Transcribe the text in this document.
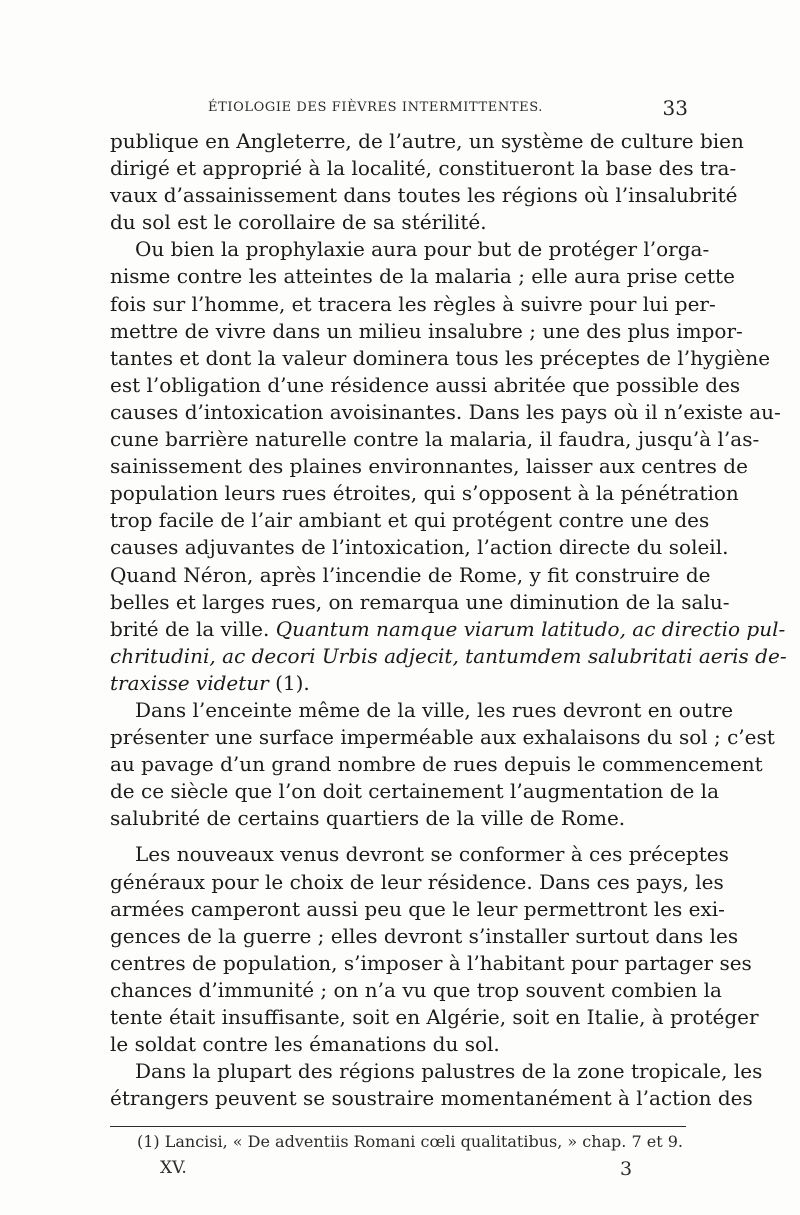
ÉTIOLOGIE DES FIÈVRES INTERMITTENTES.	33
publique en Angleterre, de l’autre, un système de culture bien
dirigé et approprié à la localité, constitueront la base des tra-
vaux d’assainissement dans toutes les régions où l’insalubrité
du sol est le corollaire de sa stérilité.
Ou bien la prophylaxie aura pour but de protéger l’orga-
nisme contre les atteintes de la malaria ; elle aura prise cette
fois sur l’homme, et tracera les règles à suivre pour lui per-
mettre de vivre dans un milieu insalubre ; une des plus impor-
tantes et dont la valeur dominera tous les préceptes de l’hygiène
est l’obligation d’une résidence aussi abritée que possible des
causes d’intoxication avoisinantes. Dans les pays où il n’existe au-
cune barrière naturelle contre la malaria, il faudra, jusqu’à l’as-
sainissement des plaines environnantes, laisser aux centres de
population leurs rues étroites, qui s’opposent à la pénétration
trop facile de l’air ambiant et qui protégent contre une des
causes adjuvantes de l’intoxication, l’action directe du soleil.
Quand Néron, après l’incendie de Rome, y fit construire de
belles et larges rues, on remarqua une diminution de la salu-
brité de la ville. Quantum namque viarum latitudo, ac directio pul-
chritudini, ac decori Urbis adjecit, tantumdem salubritati aeris de-
traxisse videtur (1).
Dans l’enceinte même de la ville, les rues devront en outre
présenter une surface imperméable aux exhalaisons du sol ; c’est
au pavage d’un grand nombre de rues depuis le commencement
de ce siècle que l’on doit certainement l’augmentation de la
salubrité de certains quartiers de la ville de Rome.
Les nouveaux venus devront se conformer à ces préceptes
généraux pour le choix de leur résidence. Dans ces pays, les
armées camperont aussi peu que le leur permettront les exi-
gences de la guerre ; elles devront s’installer surtout dans les
centres de population, s’imposer à l’habitant pour partager ses
chances d’immunité ; on n’a vu que trop souvent combien la
tente était insuffisante, soit en Algérie, soit en Italie, à protéger
le soldat contre les émanations du sol.
Dans la plupart des régions palustres de la zone tropicale, les
étrangers peuvent se soustraire momentanément à l’action des
(1) Lancisi, « De adventiis Romani cœli qualitatibus, » chap. 7 et 9.
XV.	3
